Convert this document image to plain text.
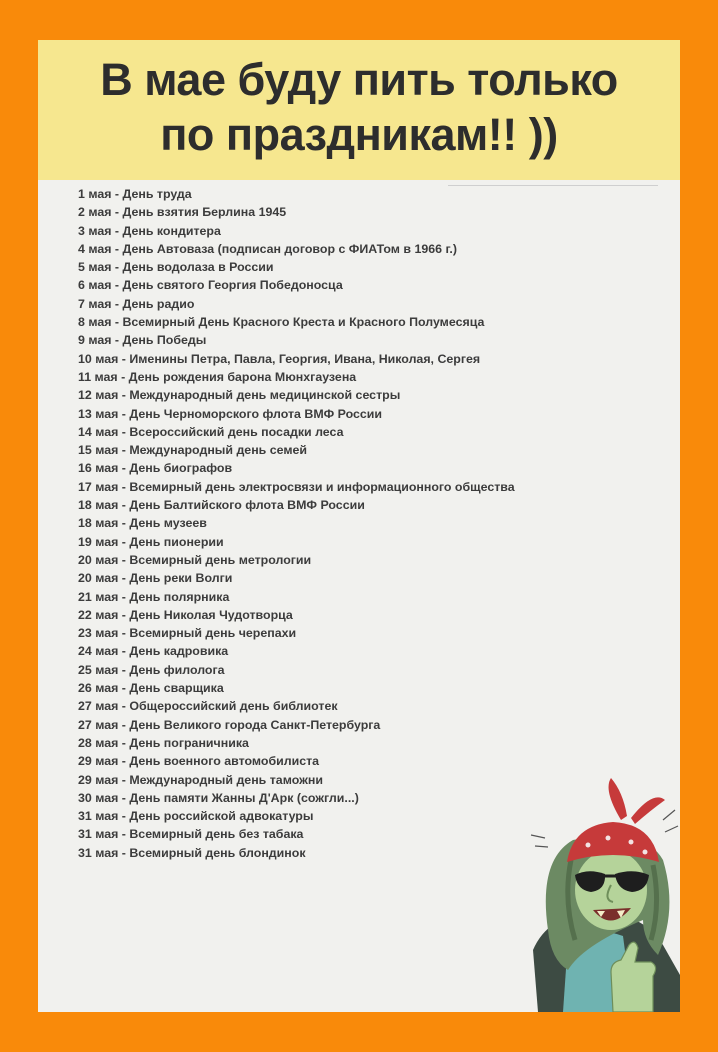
В мае буду пить только
по праздникам!! ))
1 мая - День труда
2 мая - День взятия Берлина 1945
3 мая - День кондитера
4 мая - День Автоваза (подписан договор с ФИАТом в 1966 г.)
5 мая - День водолаза в России
6 мая - День святого Георгия Победоносца
7 мая - День радио
8 мая - Всемирный День Красного Креста и Красного Полумесяца
9 мая - День Победы
10 мая - Именины Петра, Павла, Георгия, Ивана, Николая, Сергея
11 мая - День рождения барона Мюнхгаузена
12 мая - Международный день медицинской сестры
13 мая - День Черноморского флота ВМФ России
14 мая - Всероссийский день посадки леса
15 мая - Международный день семей
16 мая - День биографов
17 мая - Всемирный день электросвязи и информационного общества
18 мая - День Балтийского флота ВМФ России
18 мая - День музеев
19 мая - День пионерии
20 мая - Всемирный день метрологии
20 мая - День реки Волги
21 мая - День полярника
22 мая - День Николая Чудотворца
23 мая - Всемирный день черепахи
24 мая - День кадровика
25 мая - День филолога
26 мая - День сварщика
27 мая - Общероссийский день библиотек
27 мая - День Великого города Санкт-Петербурга
28 мая - День пограничника
29 мая - День военного автомобилиста
29 мая - Международный день таможни
30 мая - День памяти Жанны Д'Арк (сожгли...)
31 мая - День российской адвокатуры
31 мая - Всемирный день без табака
31 мая - Всемирный день блондинок
